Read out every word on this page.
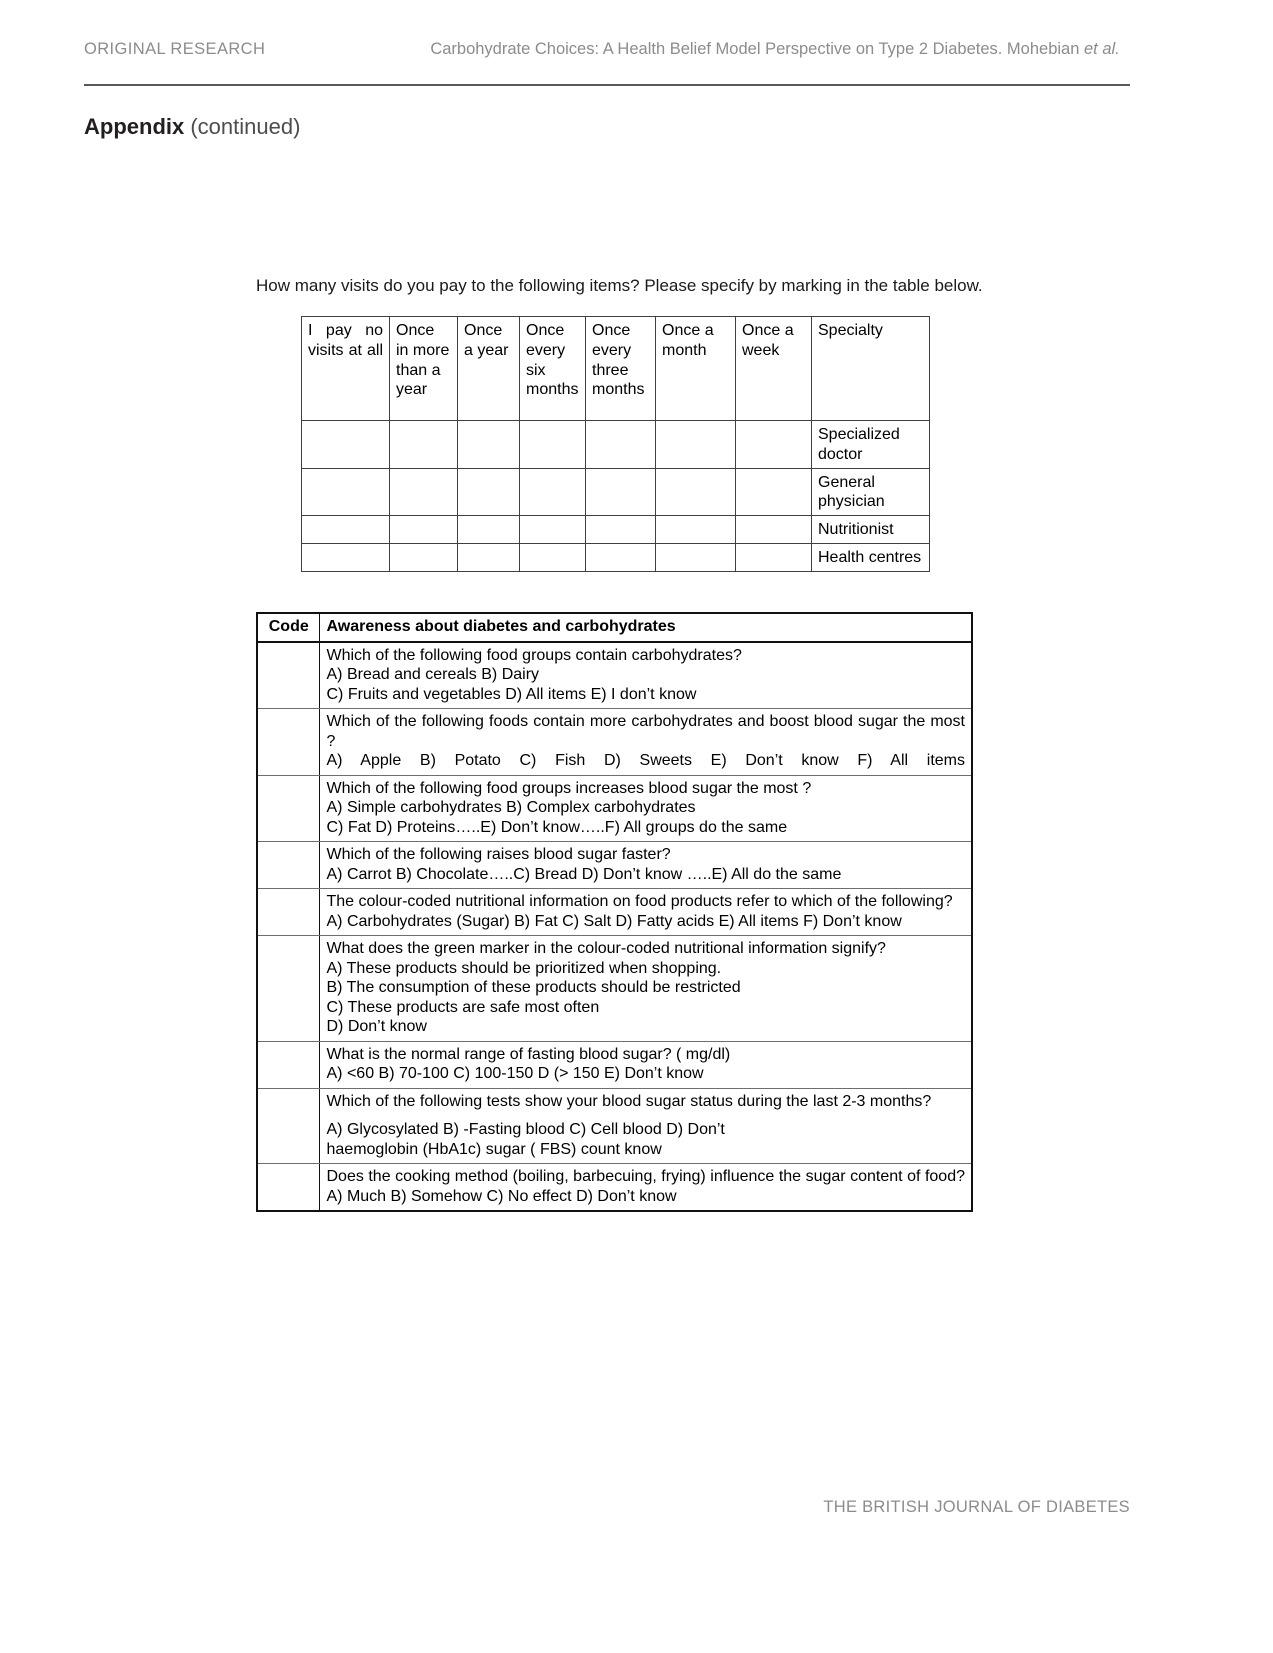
ORIGINAL RESEARCH	Carbohydrate Choices: A Health Belief Model Perspective on Type 2 Diabetes. Mohebian et al.
Appendix (continued)
How many visits do you pay to the following items? Please specify by marking in the table below.
I pay no visits at all	Once in more than a year	Once a year	Once every six months	Once every three months	Once a month	Once a week	Specialty
							Specialized doctor
							General physician
							Nutritionist
							Health centres
Code	Awareness about diabetes and carbohydrates

	Which of the following food groups contain carbohydrates?
A) Bread and cereals B) Dairy
C) Fruits and vegetables D) All items E) I don’t know

	Which of the following foods contain more carbohydrates and boost blood sugar the most ?
A) Apple B) Potato C) Fish D) Sweets E) Don’t know F) All items

	Which of the following food groups increases blood sugar the most ?
A) Simple carbohydrates B) Complex carbohydrates
C) Fat D) Proteins…..E) Don’t know…..F) All groups do the same

	Which of the following raises blood sugar faster?
A) Carrot B) Chocolate…..C) Bread D) Don’t know …..E) All do the same

	The colour-coded nutritional information on food products refer to which of the following?
A) Carbohydrates (Sugar) B) Fat C) Salt D) Fatty acids E) All items F) Don’t know

	What does the green marker in the colour-coded nutritional information signify?
A) These products should be prioritized when shopping.
B) The consumption of these products should be restricted
C) These products are safe most often
D) Don’t know

	What is the normal range of fasting blood sugar? ( mg/dl)
A) <60 B) 70-100 C) 100-150 D (> 150 E) Don’t know

	Which of the following tests show your blood sugar status during the last 2-3 months?
A) Glycosylated B) -Fasting blood C) Cell blood D) Don’t
haemoglobin (HbA1c) sugar ( FBS) count know

	Does the cooking method (boiling, barbecuing, frying) influence the sugar content of food? A) Much B) Somehow C) No effect D) Don’t know
THE BRITISH JOURNAL OF DIABETES
